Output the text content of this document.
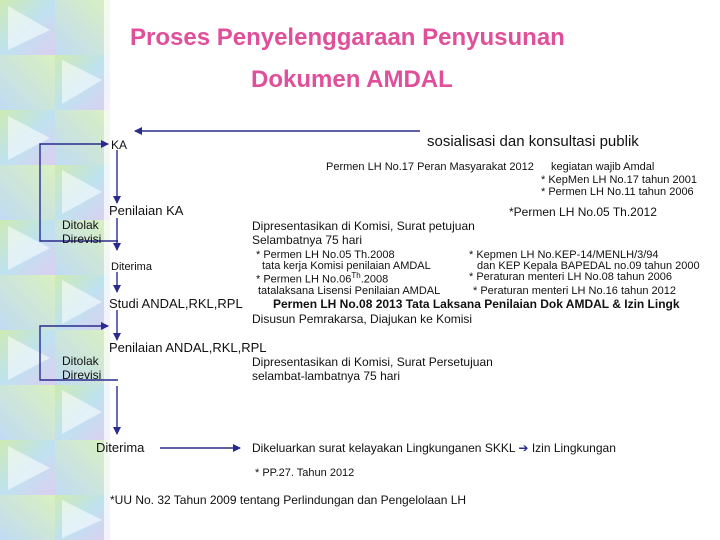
Proses Penyelenggaraan Penyusunan
Dokumen AMDAL
KA	sosialisasi dan konsultasi publik
Permen LH No.17 Peran Masyarakat 2012 kegiatan wajib Amdal
* KepMen LH No.17 tahun 2001
* Permen LH No.11 tahun 2006
Penilaian KA	*Permen LH No.05 Th.2012
Ditolak
Direvisi
Dipresentasikan di Komisi, Surat petujuan
Selambatnya 75 hari
* Permen LH No.05 Th.2008
tata kerja Komisi penilaian AMDAL
* Permen LH No.06Th.2008
tatalaksana Lisensi Penilaian AMDAL
Diterima
* Kepmen LH No.KEP-14/MENLH/3/94
dan KEP Kepala BAPEDAL no.09 tahun 2000
* Peraturan menteri LH No.08 tahun 2006
* Peraturan menteri LH No.16 tahun 2012
Studi ANDAL,RKL,RPL	Permen LH No.08 2013 Tata Laksana Penilaian Dok AMDAL & Izin Lingk
Disusun Pemrakarsa, Diajukan ke Komisi
Penilaian ANDAL,RKL,RPL
Ditolak
Direvisi
Dipresentasikan di Komisi, Surat Persetujuan
selambat-lambatnya 75 hari
Diterima	Dikeluarkan surat kelayakan Lingkunganen SKKL ➔ Izin Lingkungan
* PP.27. Tahun 2012
*UU No. 32 Tahun 2009 tentang Perlindungan dan Pengelolaan LH
